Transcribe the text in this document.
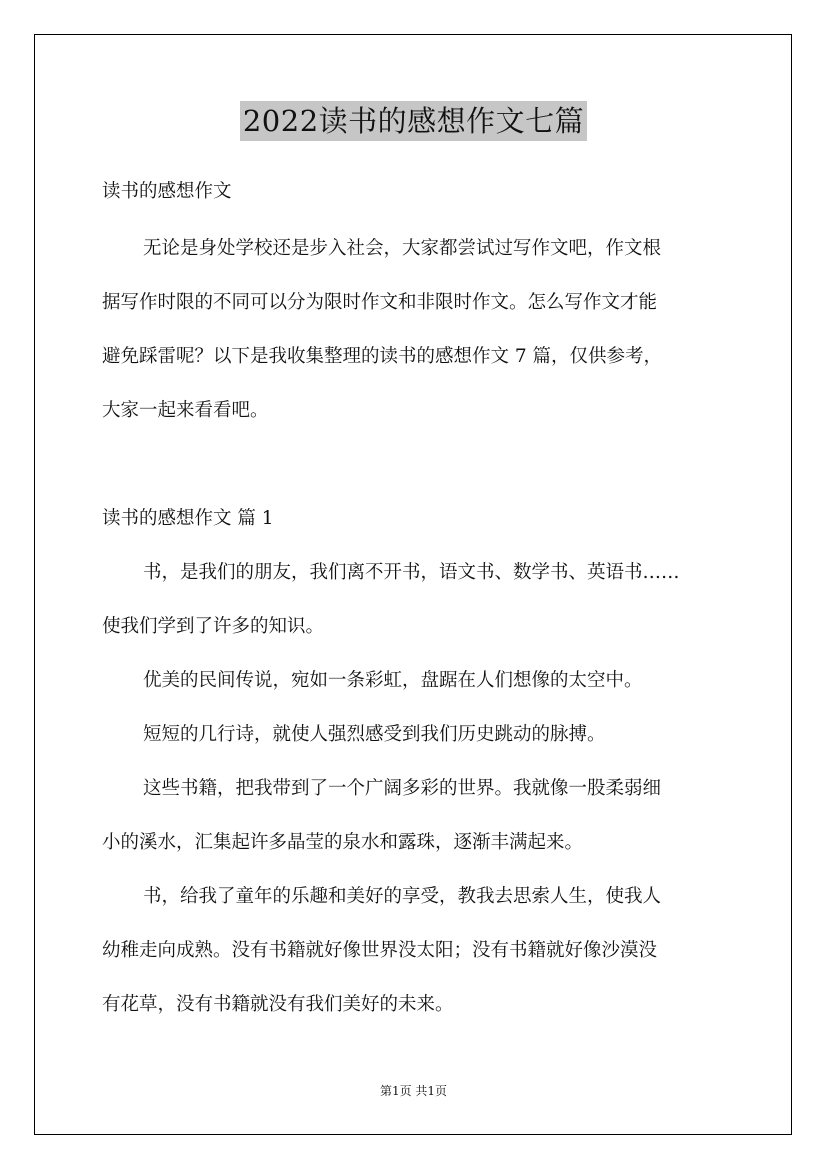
2022读书的感想作文七篇
读书的感想作文
无论是身处学校还是步入社会，大家都尝试过写作文吧，作文根
据写作时限的不同可以分为限时作文和非限时作文。怎么写作文才能
避免踩雷呢？以下是我收集整理的读书的感想作文 7 篇，仅供参考，
大家一起来看看吧。
读书的感想作文 篇 1
书，是我们的朋友，我们离不开书，语文书、数学书、英语书……
使我们学到了许多的知识。
优美的民间传说，宛如一条彩虹，盘踞在人们想像的太空中。
短短的几行诗，就使人强烈感受到我们历史跳动的脉搏。
这些书籍，把我带到了一个广阔多彩的世界。我就像一股柔弱细
小的溪水，汇集起许多晶莹的泉水和露珠，逐渐丰满起来。
书，给我了童年的乐趣和美好的享受，教我去思索人生，使我人
幼稚走向成熟。没有书籍就好像世界没太阳；没有书籍就好像沙漠没
有花草，没有书籍就没有我们美好的未来。
第1页 共1页
